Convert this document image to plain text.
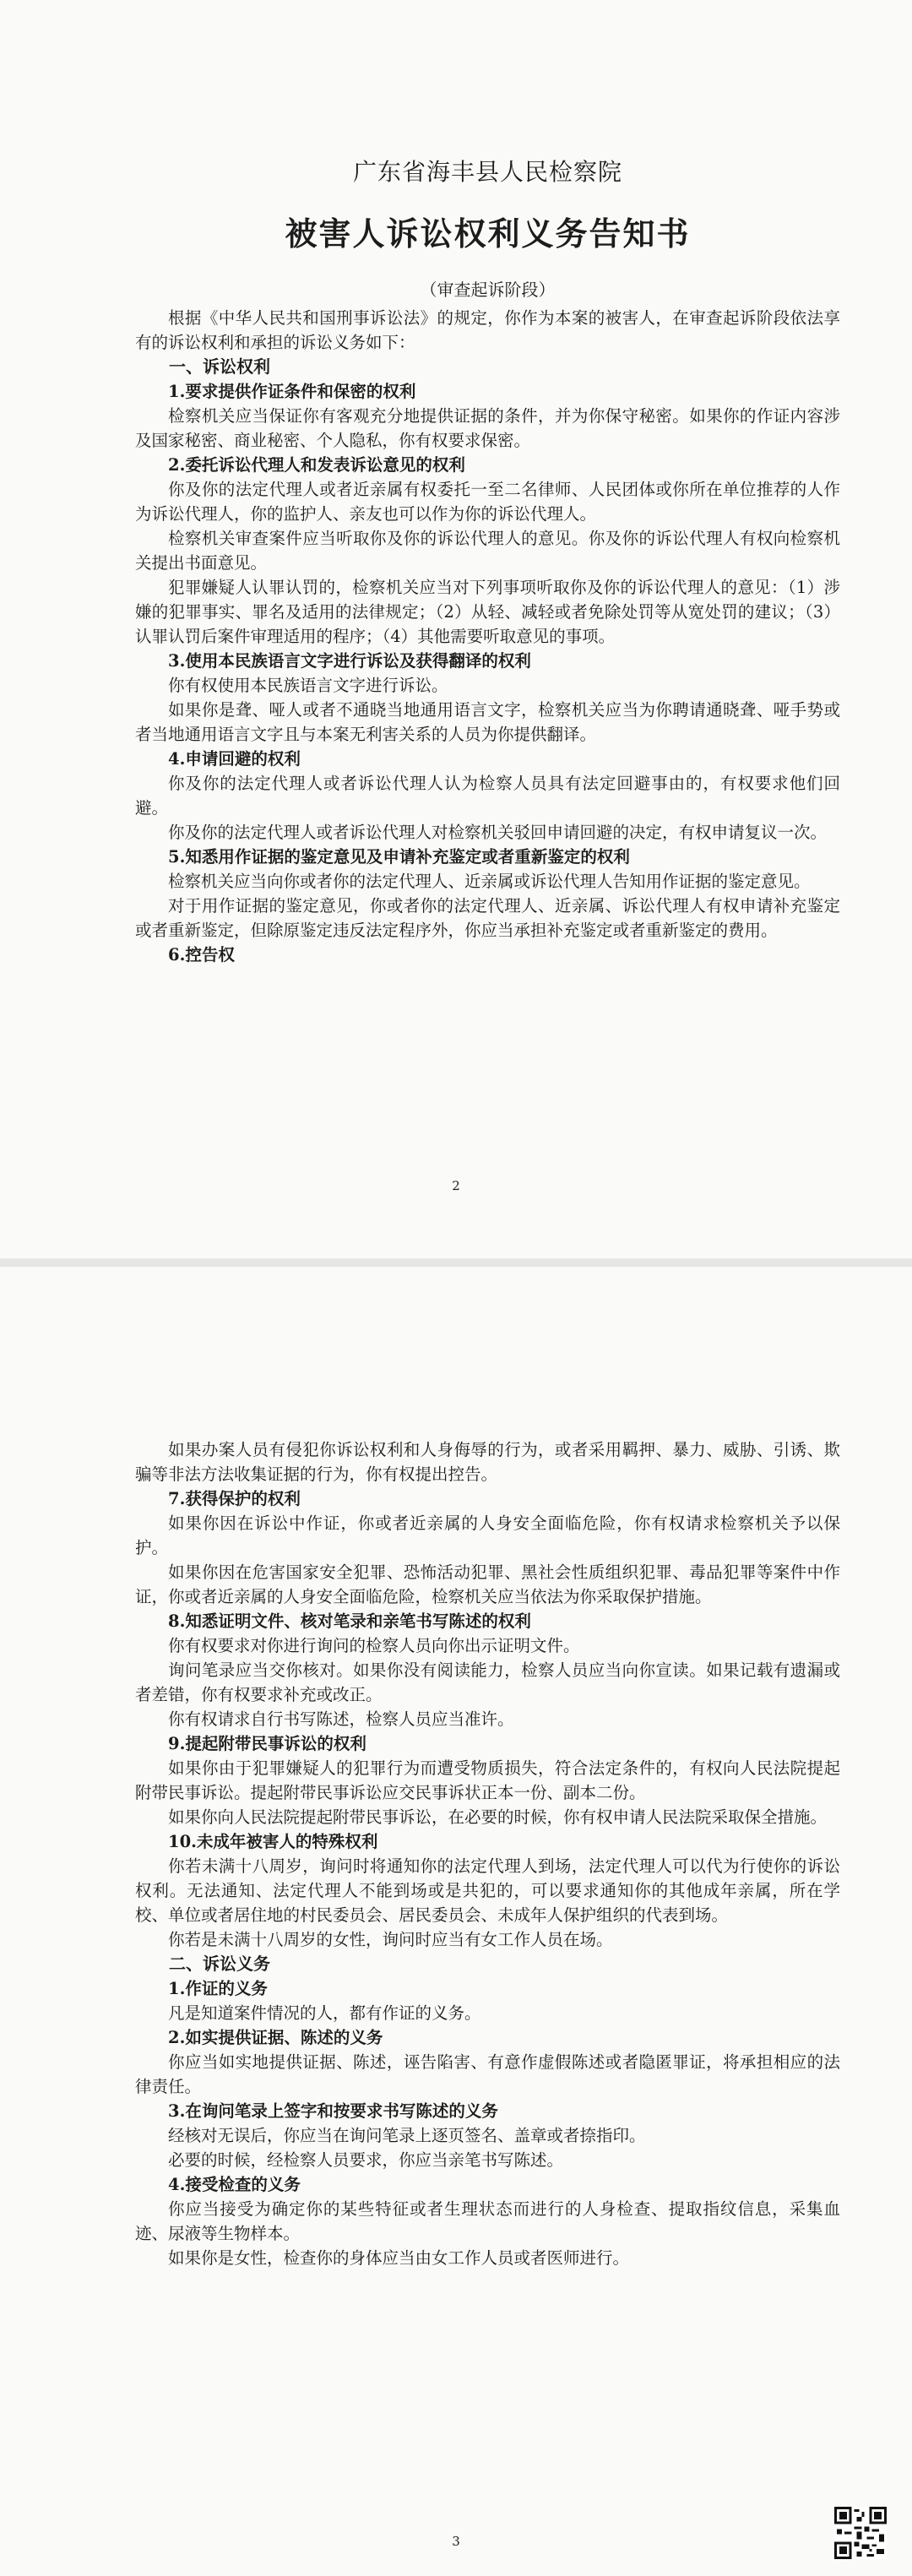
广东省海丰县人民检察院
被害人诉讼权利义务告知书
（审查起诉阶段）

根据《中华人民共和国刑事诉讼法》的规定，你作为本案的被害人，在审查起诉阶段依法享有的诉讼权利和承担的诉讼义务如下：

一、诉讼权利

1.要求提供作证条件和保密的权利

检察机关应当保证你有客观充分地提供证据的条件，并为你保守秘密。如果你的作证内容涉及国家秘密、商业秘密、个人隐私，你有权要求保密。

2.委托诉讼代理人和发表诉讼意见的权利

你及你的法定代理人或者近亲属有权委托一至二名律师、人民团体或你所在单位推荐的人作为诉讼代理人，你的监护人、亲友也可以作为你的诉讼代理人。

检察机关审查案件应当听取你及你的诉讼代理人的意见。你及你的诉讼代理人有权向检察机关提出书面意见。

犯罪嫌疑人认罪认罚的，检察机关应当对下列事项听取你及你的诉讼代理人的意见：（1）涉嫌的犯罪事实、罪名及适用的法律规定；（2）从轻、减轻或者免除处罚等从宽处罚的建议；（3）认罪认罚后案件审理适用的程序；（4）其他需要听取意见的事项。

3.使用本民族语言文字进行诉讼及获得翻译的权利

你有权使用本民族语言文字进行诉讼。

如果你是聋、哑人或者不通晓当地通用语言文字，检察机关应当为你聘请通晓聋、哑手势或者当地通用语言文字且与本案无利害关系的人员为你提供翻译。

4.申请回避的权利

你及你的法定代理人或者诉讼代理人认为检察人员具有法定回避事由的，有权要求他们回避。

你及你的法定代理人或者诉讼代理人对检察机关驳回申请回避的决定，有权申请复议一次。

5.知悉用作证据的鉴定意见及申请补充鉴定或者重新鉴定的权利

检察机关应当向你或者你的法定代理人、近亲属或诉讼代理人告知用作证据的鉴定意见。

对于用作证据的鉴定意见，你或者你的法定代理人、近亲属、诉讼代理人有权申请补充鉴定或者重新鉴定，但除原鉴定违反法定程序外，你应当承担补充鉴定或者重新鉴定的费用。

6.控告权

2

如果办案人员有侵犯你诉讼权利和人身侮辱的行为，或者采用羁押、暴力、威胁、引诱、欺骗等非法方法收集证据的行为，你有权提出控告。

7.获得保护的权利

如果你因在诉讼中作证，你或者近亲属的人身安全面临危险，你有权请求检察机关予以保护。

如果你因在危害国家安全犯罪、恐怖活动犯罪、黑社会性质组织犯罪、毒品犯罪等案件中作证，你或者近亲属的人身安全面临危险，检察机关应当依法为你采取保护措施。

8.知悉证明文件、核对笔录和亲笔书写陈述的权利

你有权要求对你进行询问的检察人员向你出示证明文件。

询问笔录应当交你核对。如果你没有阅读能力，检察人员应当向你宣读。如果记载有遗漏或者差错，你有权要求补充或改正。

你有权请求自行书写陈述，检察人员应当准许。

9.提起附带民事诉讼的权利

如果你由于犯罪嫌疑人的犯罪行为而遭受物质损失，符合法定条件的，有权向人民法院提起附带民事诉讼。提起附带民事诉讼应交民事诉状正本一份、副本二份。

如果你向人民法院提起附带民事诉讼，在必要的时候，你有权申请人民法院采取保全措施。

10.未成年被害人的特殊权利

你若未满十八周岁，询问时将通知你的法定代理人到场，法定代理人可以代为行使你的诉讼权利。无法通知、法定代理人不能到场或是共犯的，可以要求通知你的其他成年亲属，所在学校、单位或者居住地的村民委员会、居民委员会、未成年人保护组织的代表到场。

你若是未满十八周岁的女性，询问时应当有女工作人员在场。

二、诉讼义务

1.作证的义务

凡是知道案件情况的人，都有作证的义务。

2.如实提供证据、陈述的义务

你应当如实地提供证据、陈述，诬告陷害、有意作虚假陈述或者隐匿罪证，将承担相应的法律责任。

3.在询问笔录上签字和按要求书写陈述的义务

经核对无误后，你应当在询问笔录上逐页签名、盖章或者捺指印。

必要的时候，经检察人员要求，你应当亲笔书写陈述。

4.接受检查的义务

你应当接受为确定你的某些特征或者生理状态而进行的人身检查、提取指纹信息，采集血迹、尿液等生物样本。

如果你是女性，检查你的身体应当由女工作人员或者医师进行。

3
